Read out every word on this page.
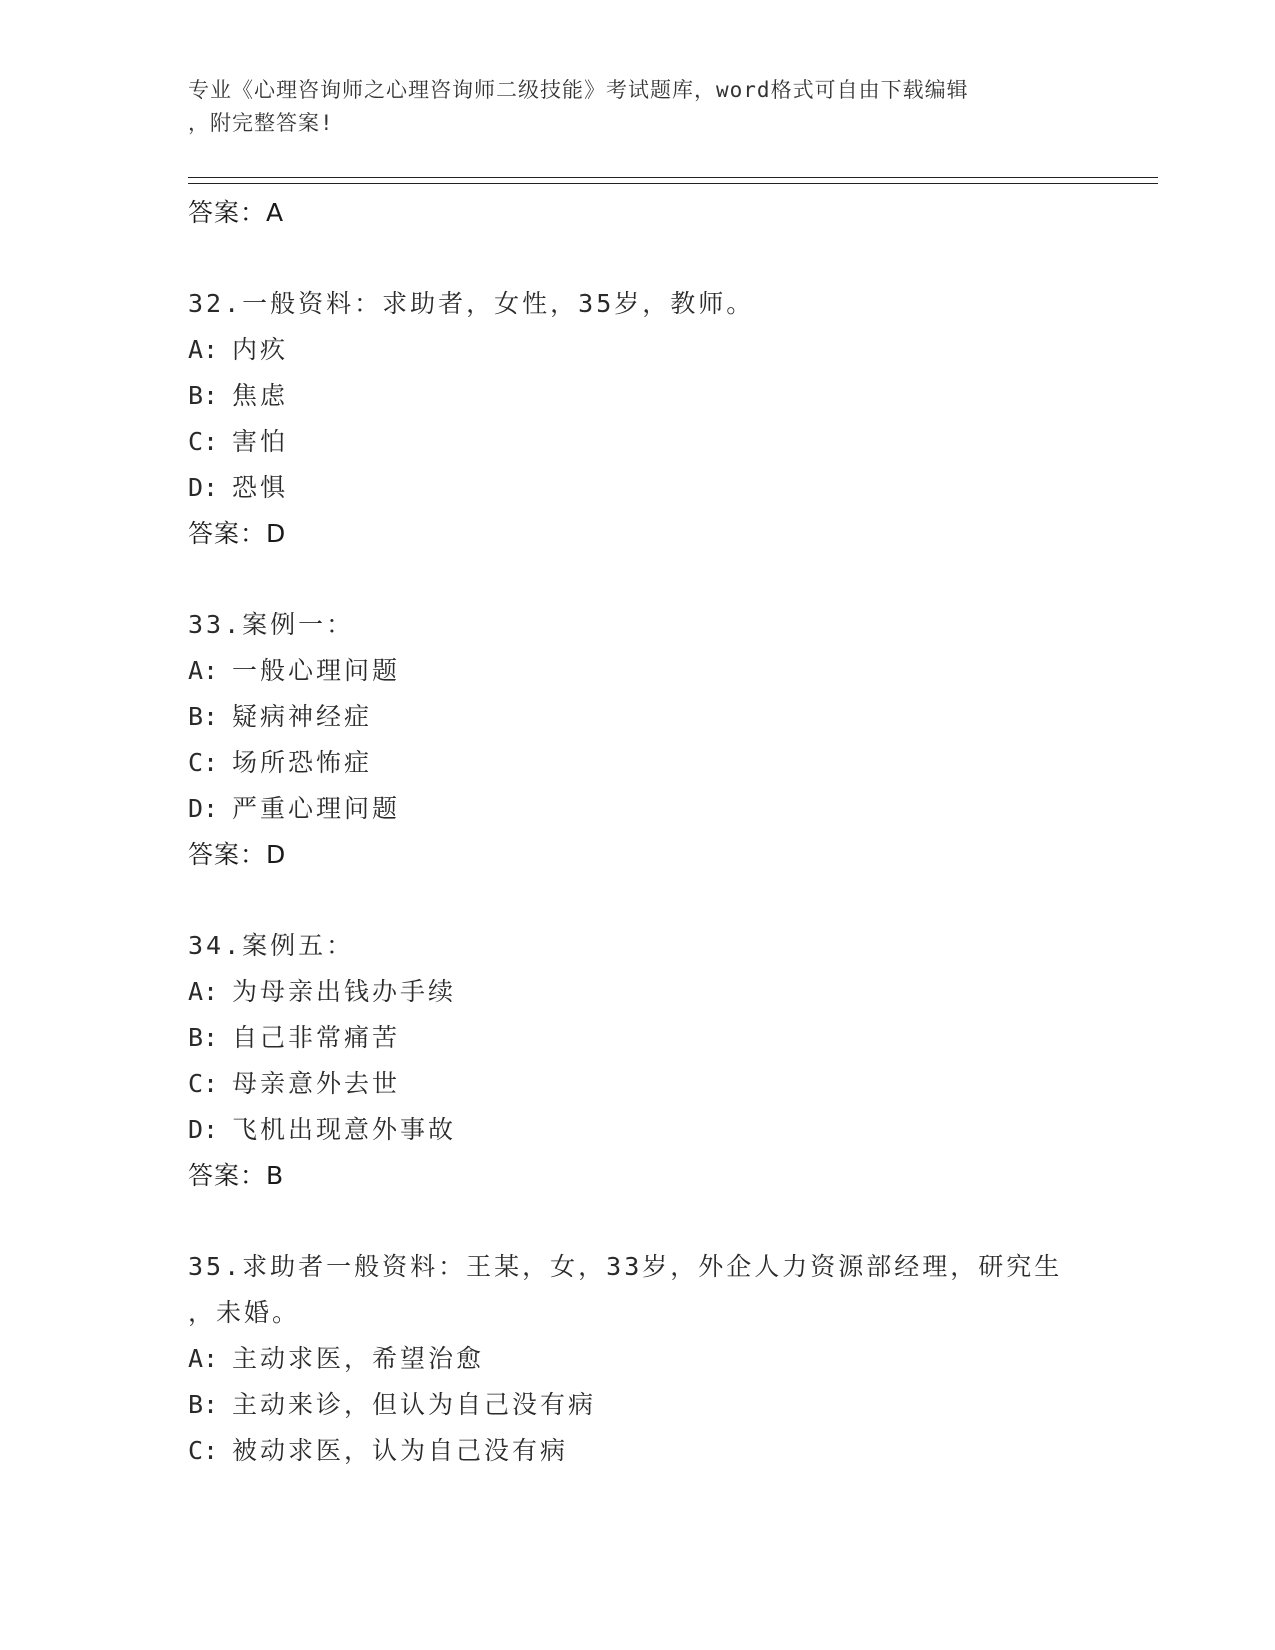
专业《心理咨询师之心理咨询师二级技能》考试题库，word格式可自由下载编辑
，附完整答案!
答案：A
32.一般资料：求助者，女性，35岁，教师。
A: 内疚
B: 焦虑
C: 害怕
D: 恐惧
答案：D
33.案例一：
A: 一般心理问题
B: 疑病神经症
C: 场所恐怖症
D: 严重心理问题
答案：D
34.案例五：
A: 为母亲出钱办手续
B: 自己非常痛苦
C: 母亲意外去世
D: 飞机出现意外事故
答案：B
35.求助者一般资料：王某，女，33岁，外企人力资源部经理，研究生
，未婚。
A: 主动求医，希望治愈
B: 主动来诊，但认为自己没有病
C: 被动求医，认为自己没有病
